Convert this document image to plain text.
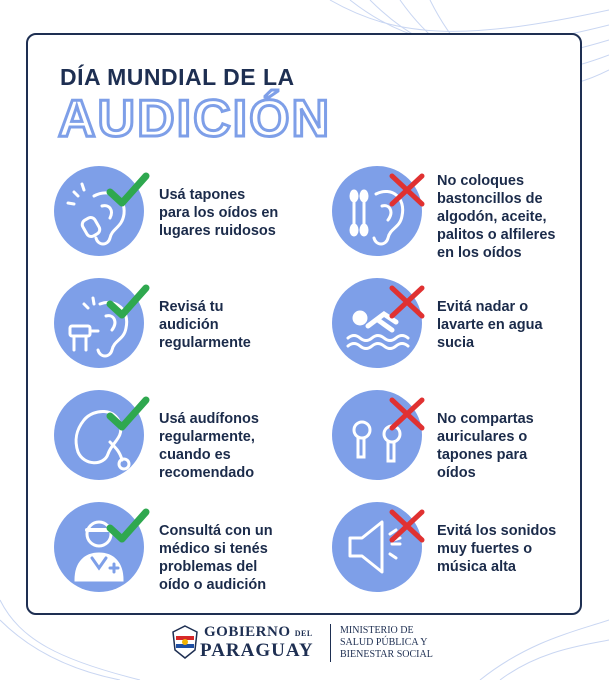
DÍA MUNDIAL DE LA
AUDICIÓN
Usá tapones
para los oídos en
lugares ruidosos
Revisá tu
audición
regularmente
Usá audífonos
regularmente,
cuando es
recomendado
Consultá con un
médico si tenés
problemas del
oído o audición
No coloques
bastoncillos de
algodón, aceite,
palitos o alfileres
en los oídos
Evitá nadar o
lavarte en agua
sucia
No compartas
auriculares o
tapones para
oídos
Evitá los sonidos
muy fuertes o
música alta
GOBIERNO DEL
PARAGUAY
MINISTERIO DE
SALUD PÚBLICA Y
BIENESTAR SOCIAL
